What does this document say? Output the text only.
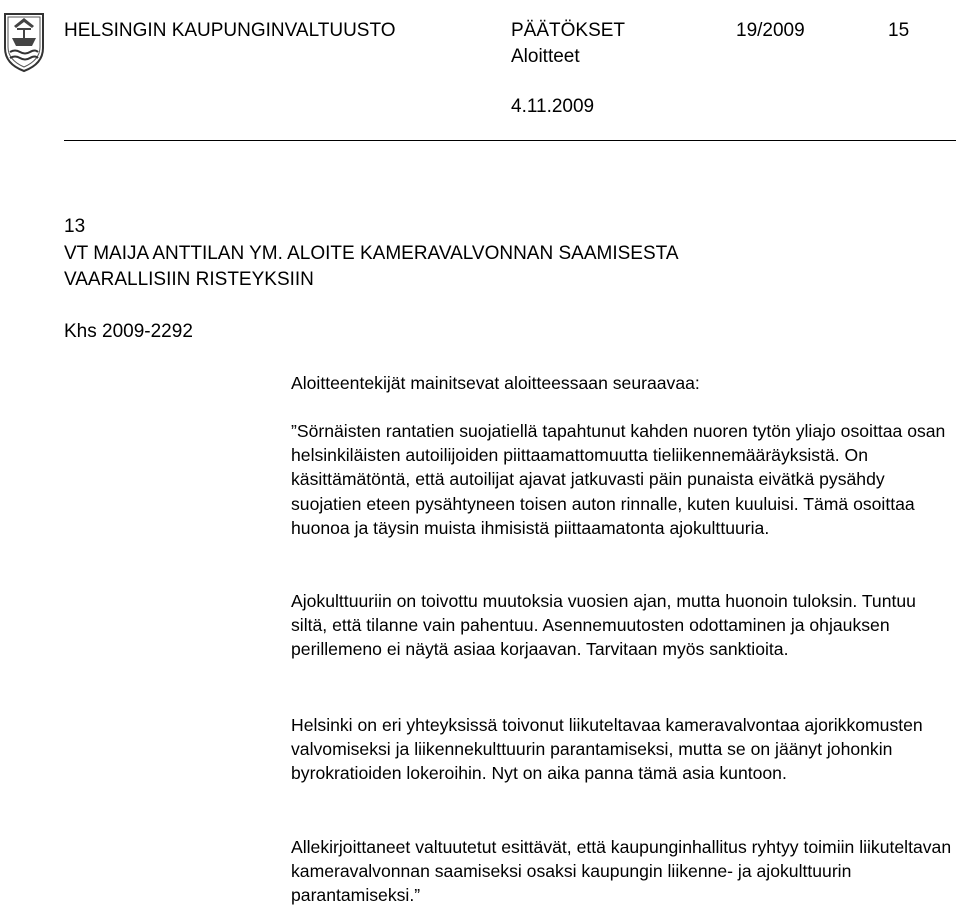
HELSINGIN KAUPUNGINVALTUUSTO	PÄÄTÖKSET	19/2009	15
Aloitteet
4.11.2009
13
VT MAIJA ANTTILAN YM. ALOITE KAMERAVALVONNAN SAAMISESTA
VAARALLISIIN RISTEYKSIIN
Khs 2009-2292

Aloitteentekijät mainitsevat aloitteessaan seuraavaa:

”Sörnäisten rantatien suojatiellä tapahtunut kahden nuoren tytön yliajo osoittaa osan helsinkiläisten autoilijoiden piittaamattomuutta tieliikennemääräyksistä. On käsittämätöntä, että autoilijat ajavat jatkuvasti päin punaista eivätkä pysähdy suojatien eteen pysähtyneen toisen auton rinnalle, kuten kuuluisi. Tämä osoittaa huonoa ja täysin muista ihmisistä piittaamatonta ajokulttuuria.

Ajokulttuuriin on toivottu muutoksia vuosien ajan, mutta huonoin tuloksin. Tuntuu siltä, että tilanne vain pahentuu. Asennemuutosten odottaminen ja ohjauksen perillemeno ei näytä asiaa korjaavan. Tarvitaan myös sanktioita.

Helsinki on eri yhteyksissä toivonut liikuteltavaa kameravalvontaa ajorikkomusten valvomiseksi ja liikennekulttuurin parantamiseksi, mutta se on jäänyt johonkin byrokratioiden lokeroihin. Nyt on aika panna tämä asia kuntoon.

Allekirjoittaneet valtuutetut esittävät, että kaupunginhallitus ryhtyy toimiin liikuteltavan kameravalvonnan saamiseksi osaksi kaupungin liikenne- ja ajokulttuurin parantamiseksi.”
